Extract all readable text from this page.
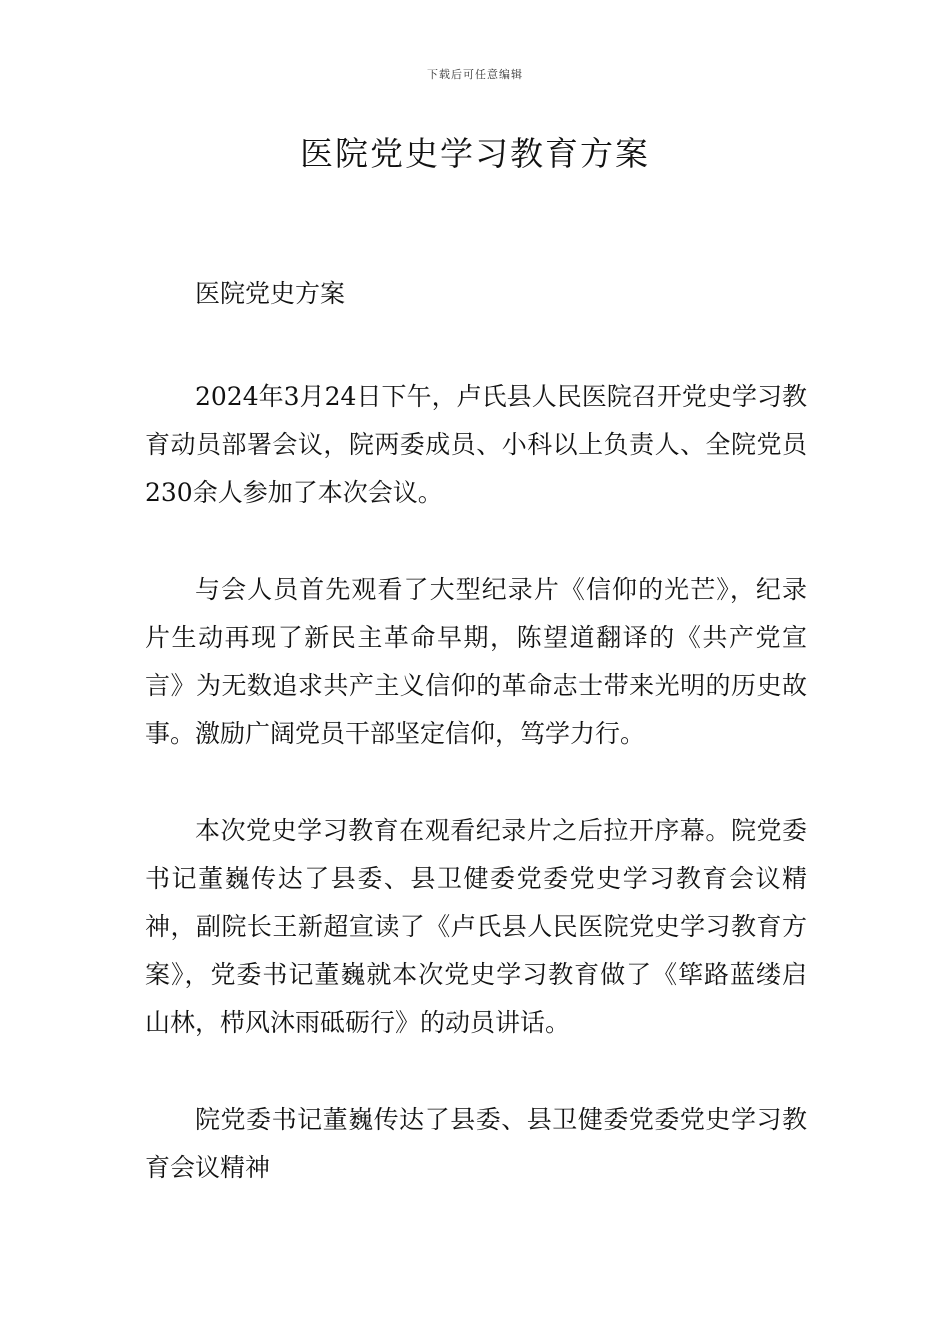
下载后可任意编辑
医院党史学习教育方案

医院党史方案

2024年3月24日下午，卢氏县人民医院召开党史学习教育动员部署会议，院两委成员、小科以上负责人、全院党员230余人参加了本次会议。

与会人员首先观看了大型纪录片《信仰的光芒》，纪录片生动再现了新民主革命早期，陈望道翻译的《共产党宣言》为无数追求共产主义信仰的革命志士带来光明的历史故事。激励广阔党员干部坚定信仰，笃学力行。

本次党史学习教育在观看纪录片之后拉开序幕。院党委书记董巍传达了县委、县卫健委党委党史学习教育会议精神，副院长王新超宣读了《卢氏县人民医院党史学习教育方案》，党委书记董巍就本次党史学习教育做了《筚路蓝缕启山林，栉风沐雨砥砺行》的动员讲话。

院党委书记董巍传达了县委、县卫健委党委党史学习教育会议精神
